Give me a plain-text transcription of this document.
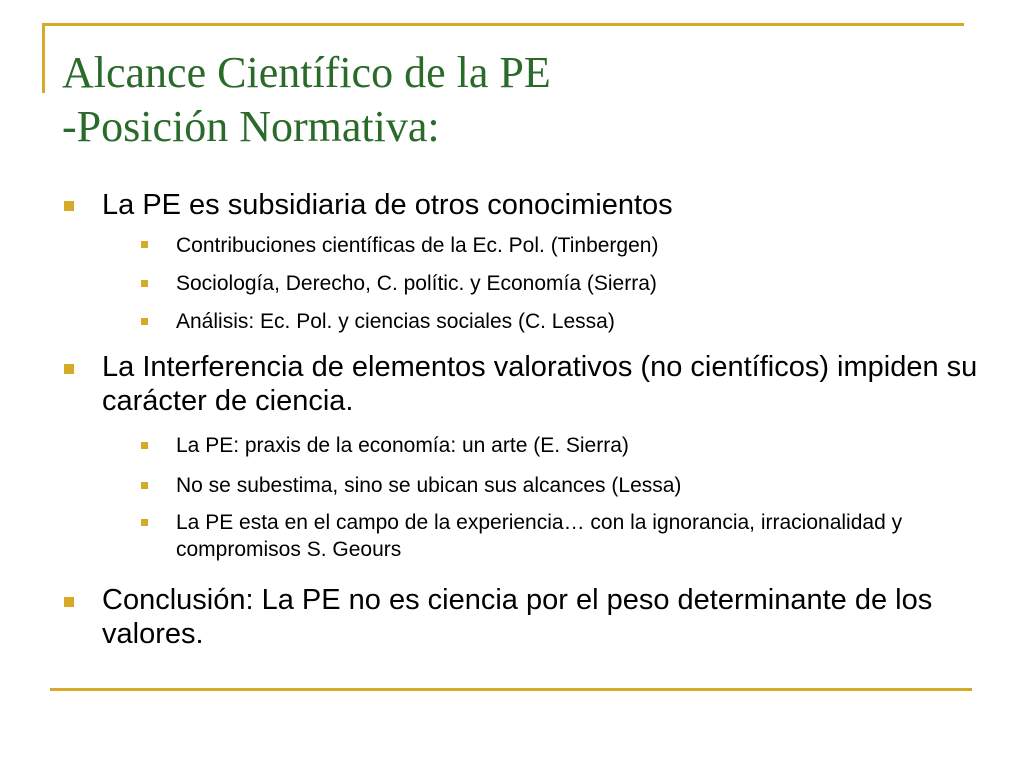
Alcance Científico de la PE
-Posición Normativa:
La PE es subsidiaria de otros conocimientos
Contribuciones científicas de la Ec. Pol. (Tinbergen)
Sociología, Derecho, C. polític. y Economía (Sierra)
Análisis: Ec. Pol. y ciencias sociales (C. Lessa)
La Interferencia de elementos valorativos (no científicos) impiden su carácter de ciencia.
La PE: praxis de la economía: un arte (E. Sierra)
No se subestima, sino se ubican sus alcances (Lessa)
La PE esta en el campo de la experiencia… con la ignorancia, irracionalidad y compromisos S. Geours
Conclusión: La PE no es ciencia por el peso determinante de los valores.
